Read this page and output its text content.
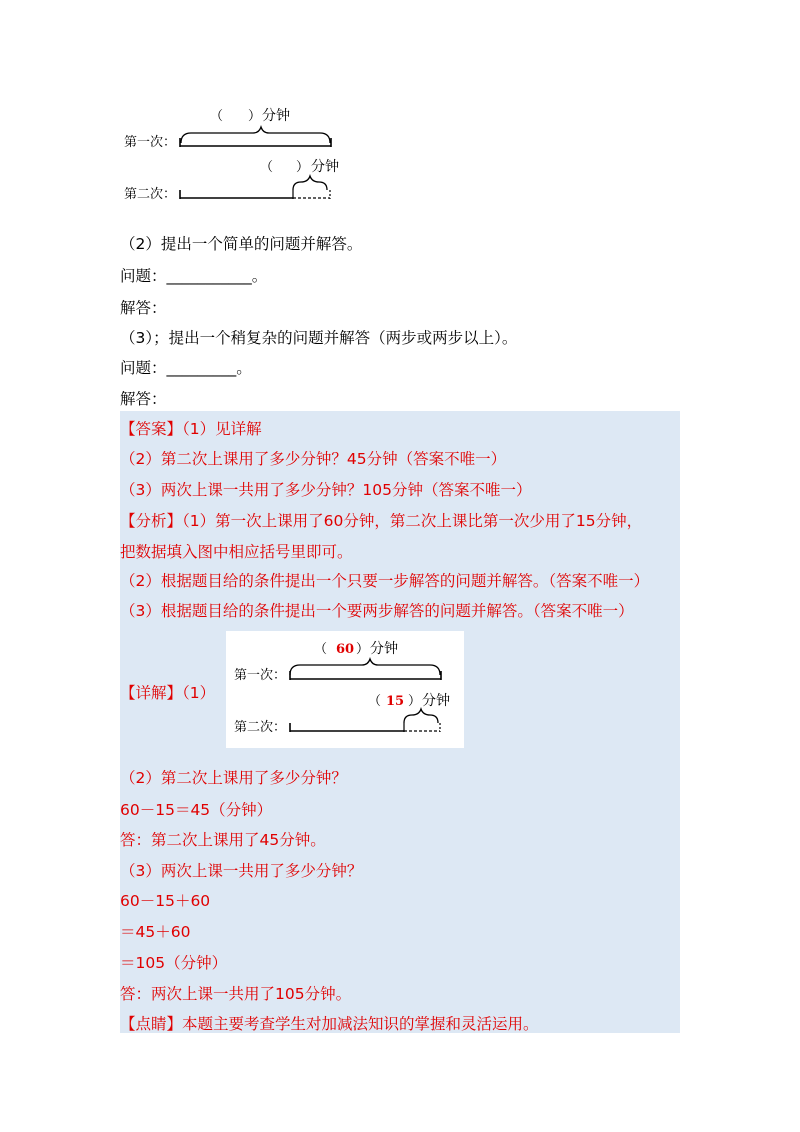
（ ） 分钟
第一次：
（ ） 分钟
第二次：
（2）提出一个简单的问题并解答。
问题：___________。
解答：
（3）；提出一个稍复杂的问题并解答（两步或两步以上）。
问题：_________。
解答：
【答案】（1）见详解
（2）第二次上课用了多少分钟？45分钟（答案不唯一）
（3）两次上课一共用了多少分钟？105分钟（答案不唯一）
【分析】（1）第一次上课用了60分钟，第二次上课比第一次少用了15分钟，
把数据填入图中相应括号里即可。
（2）根据题目给的条件提出一个只要一步解答的问题并解答。（答案不唯一）
（3）根据题目给的条件提出一个要两步解答的问题并解答。（答案不唯一）
【详解】（1）
（ 60 ） 分钟
第一次：
（ 15 ） 分钟
第二次：
（2）第二次上课用了多少分钟？
60－15＝45（分钟）
答：第二次上课用了45分钟。
（3）两次上课一共用了多少分钟？
60－15＋60
＝45＋60
＝105（分钟）
答：两次上课一共用了105分钟。
【点睛】本题主要考查学生对加减法知识的掌握和灵活运用。
